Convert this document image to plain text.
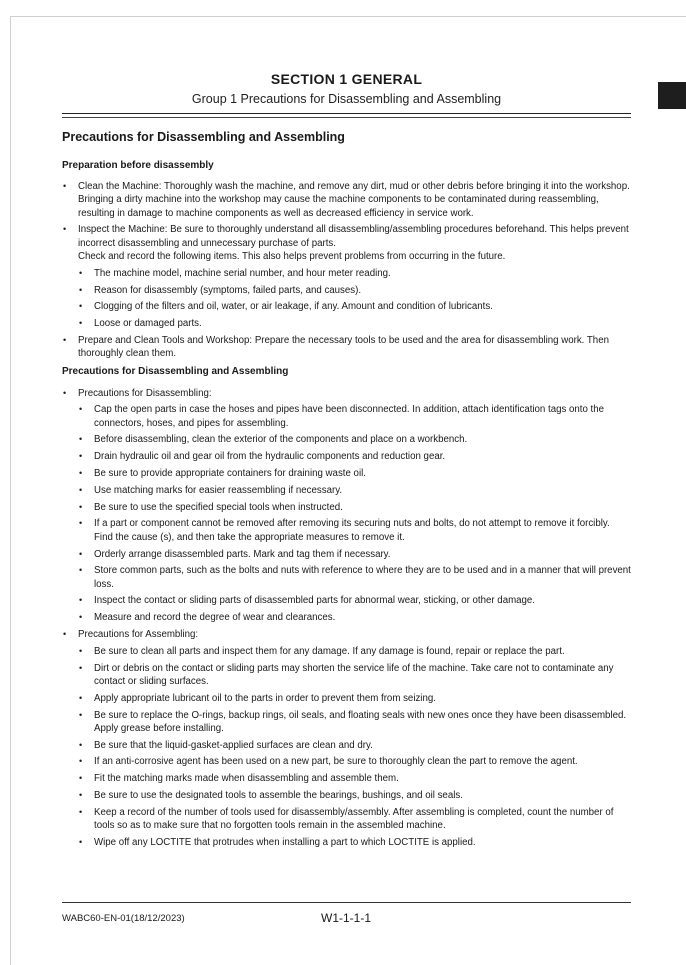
SECTION 1 GENERAL
Group 1 Precautions for Disassembling and Assembling
Precautions for Disassembling and Assembling
Preparation before disassembly
• Clean the Machine: Thoroughly wash the machine, and remove any dirt, mud or other debris before bringing it into the workshop. Bringing a dirty machine into the workshop may cause the machine components to be contaminated during reassembling, resulting in damage to machine components as well as decreased efficiency in service work.
• Inspect the Machine: Be sure to thoroughly understand all disassembling/assembling procedures beforehand. This helps prevent incorrect disassembling and unnecessary purchase of parts.
Check and record the following items. This also helps prevent problems from occurring in the future.
• The machine model, machine serial number, and hour meter reading.
• Reason for disassembly (symptoms, failed parts, and causes).
• Clogging of the filters and oil, water, or air leakage, if any. Amount and condition of lubricants.
• Loose or damaged parts.
• Prepare and Clean Tools and Workshop: Prepare the necessary tools to be used and the area for disassembling work. Then thoroughly clean them.
Precautions for Disassembling and Assembling
• Precautions for Disassembling:
• Cap the open parts in case the hoses and pipes have been disconnected. In addition, attach identification tags onto the connectors, hoses, and pipes for assembling.
• Before disassembling, clean the exterior of the components and place on a workbench.
• Drain hydraulic oil and gear oil from the hydraulic components and reduction gear.
• Be sure to provide appropriate containers for draining waste oil.
• Use matching marks for easier reassembling if necessary.
• Be sure to use the specified special tools when instructed.
• If a part or component cannot be removed after removing its securing nuts and bolts, do not attempt to remove it forcibly. Find the cause (s), and then take the appropriate measures to remove it.
• Orderly arrange disassembled parts. Mark and tag them if necessary.
• Store common parts, such as the bolts and nuts with reference to where they are to be used and in a manner that will prevent loss.
• Inspect the contact or sliding parts of disassembled parts for abnormal wear, sticking, or other damage.
• Measure and record the degree of wear and clearances.
• Precautions for Assembling:
• Be sure to clean all parts and inspect them for any damage. If any damage is found, repair or replace the part.
• Dirt or debris on the contact or sliding parts may shorten the service life of the machine. Take care not to contaminate any contact or sliding surfaces.
• Apply appropriate lubricant oil to the parts in order to prevent them from seizing.
• Be sure to replace the O-rings, backup rings, oil seals, and floating seals with new ones once they have been disassembled. Apply grease before installing.
• Be sure that the liquid-gasket-applied surfaces are clean and dry.
• If an anti-corrosive agent has been used on a new part, be sure to thoroughly clean the part to remove the agent.
• Fit the matching marks made when disassembling and assemble them.
• Be sure to use the designated tools to assemble the bearings, bushings, and oil seals.
• Keep a record of the number of tools used for disassembly/assembly. After assembling is completed, count the number of tools so as to make sure that no forgotten tools remain in the assembled machine.
• Wipe off any LOCTITE that protrudes when installing a part to which LOCTITE is applied.
WABC60-EN-01(18/12/2023)	W1-1-1-1
